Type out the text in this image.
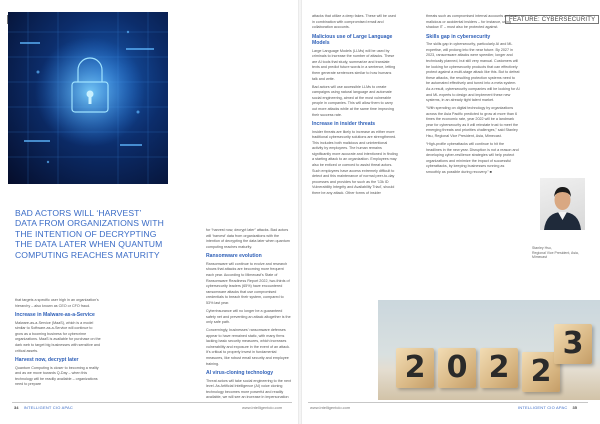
FEATURE: CYBERSECURITY
BAD ACTORS WILL ‘HARVEST’ DATA FROM ORGANIZATIONS WITH THE INTENTION OF DECRYPTING THE DATA LATER WHEN QUANTUM COMPUTING REACHES MATURITY

that targets a specific user high in an organization's hierarchy – also known as CEO or CFO fraud.

Increase in Malware-as-a-Service

Malware-as-a-Service (MaaS), which is a model similar to Software-as-a-Service will continue to grow as a booming business for cybercrime organizations. MaaS is available for purchase on the dark web to target big businesses with sensitive and critical assets.

Harvest now, decrypt later

Quantum Computing is closer to becoming a reality and as we move towards Q-Day – when this technology will be readily available – organizations need to prepare

for “harvest now, decrypt later” attacks. Bad actors will ‘harvest’ data from organizations with the intention of decrypting the data later when quantum computing reaches maturity.

Ransomware evolution

Ransomware will continue to evolve and research shows that attacks are becoming more frequent each year. According to Mimecast's State of Ransomware Readiness Report 2022, two-thirds of cybersecurity leaders (65%) have encountered ransomware attacks that use compromised credentials to breach their system, compared to 53% last year.

Cyberinsurance will no longer be a guaranteed safety net and preventing an attack altogether is the only safe path.

Concerningly, businesses' ransomware defenses appear to have remained static, with many firms lacking basic security measures, which increases vulnerability and exposure in the event of an attack. It's critical to properly invest in fundamental measures, like robust email security and employee training.

AI virus-cloning technology

Threat actors will take social engineering to the next level. As Artificial Intelligence (AI) voice cloning technology becomes more powerful and readily available, we will see an increase in impersonation

attacks that utilize a deep fakes. These will be used in combination with compromised email and collaboration accounts.

Malicious use of Large Language Models

Large Language Models (LLMs) will be used by criminals to increase the number of attacks. These are AI tools that study, summarize and translate texts and predict future words in a sentence, letting them generate sentences similar to how humans talk and write.

Bad actors will use accessible LLMs to create campaigns using natural language and automate social engineering, aimed at the most vulnerable people in companies. This will allow them to carry out more attacks while at the same time improving their success rate.

Increase in insider threats

Insider threats are likely to increase as either more traditional cybersecurity solutions are strengthened. This includes both malicious and unintentional activity by employees. The human remains significantly more accurate and intentioned in finding a starting attack to an organization. Employees may also be enticed or coerced to assist threat actors. Such employees have access extremely difficult to detect and this maintenance of normal peer-to-day processes and provides for such as the '13k ID Vulnerability Integrity and Availability Triad', should there be any attack. Other forms of insider

threats such as compromised internal accounts and non-malicious or accidental insiders – for instance, using shadow IT – must also be protected against.

Skills gap in cybersecurity

The skills gap in cybersecurity, particularly AI and ML expertise, will prolong into the near future. By 2027 in 2023, ransomware attacks were speedier, longer and technically planned, but still very manual. Customers will be looking for cybersecurity products that can effectively protect against a multi-stage attack like this. But to defeat these attacks, the resulting protection systems need to be automated effectively and tuned into a meta system. As a result, cybersecurity companies will be looking for AI and ML experts to design and implement these new systems, in an already tight talent market.

“With spending on digital technology by organizations across the Asia Pacific predicted to grow at more than 6 times the economic rate, year 2022 will be a landmark year for cybersecurity as it will reinstate trust to meet the emerging threats and priorities challenges,” said Stanley Hsu, Regional Vice President, Asia, Mimecast.

“High-profile cyberattacks will continue to hit the headlines in the new year. Disruption is not a reason and developing cyber-resilience strategies will help protect organizations and minimize the impact of successful cyberattacks, by keeping businesses running as smoothly as possible during recovery.” ■

Stanley Hsu,
Regional Vice President, Asia, Mimecast
2 0 2 2
3
34 INTELLIGENT CIO APAC	www.intelligentcio.com	www.intelligentcio.com	INTELLIGENT CIO APAC 35
